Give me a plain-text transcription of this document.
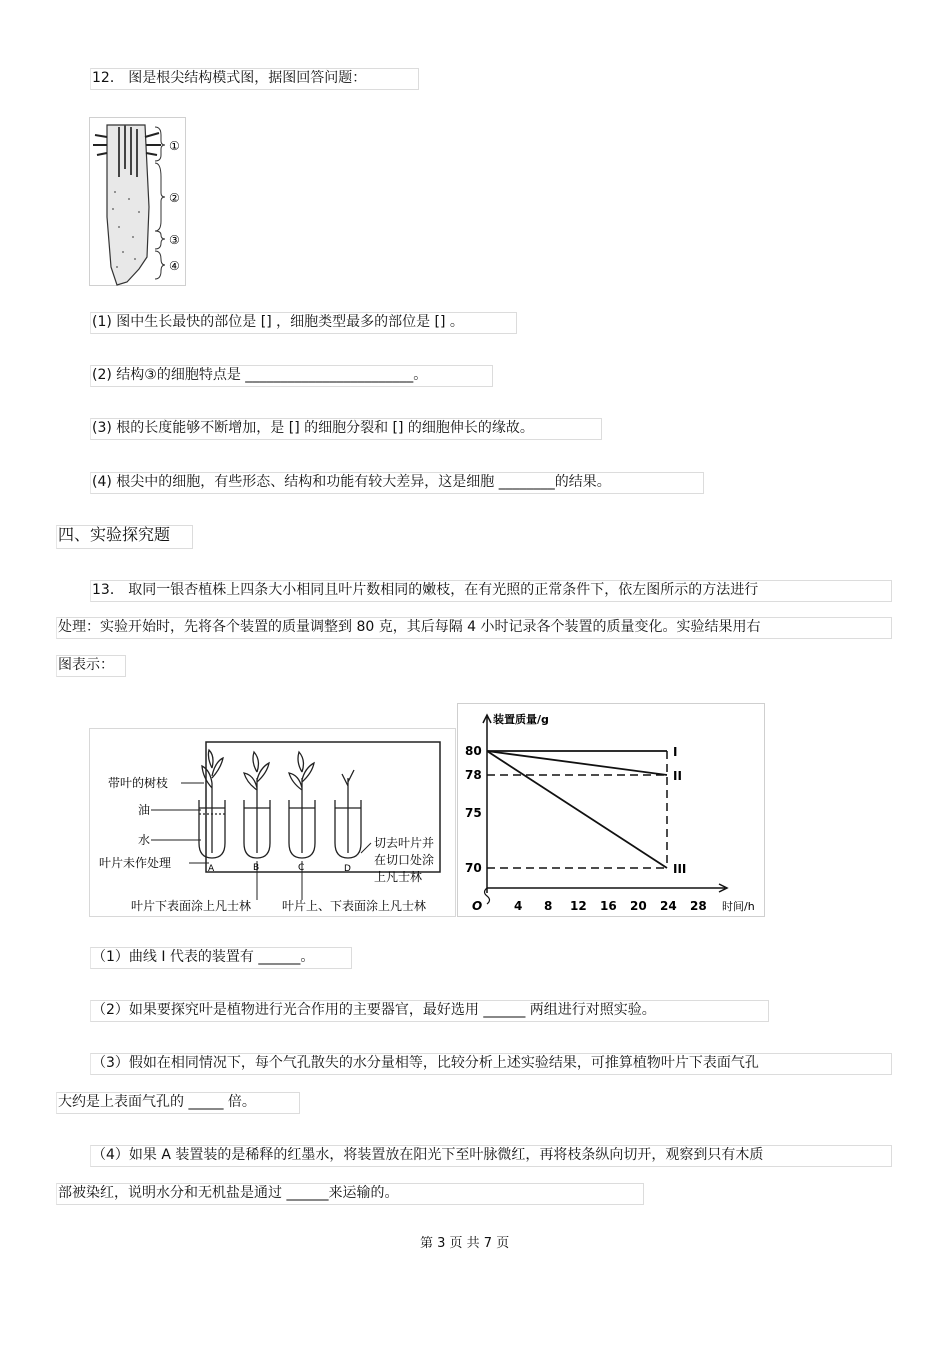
12． 图是根尖结构模式图，据图回答问题：
①
②
③
④
(1) 图中生长最快的部位是 [] ，细胞类型最多的部位是 [] 。
(2) 结构③的细胞特点是 ________________________。
(3) 根的长度能够不断增加，是 [] 的细胞分裂和 [] 的细胞伸长的缘故。
(4) 根尖中的细胞，有些形态、结构和功能有较大差异，这是细胞 ________的结果。
四、实验探究题
13． 取同一银杏植株上四条大小相同且叶片数相同的嫩枝，在有光照的正常条件下，依左图所示的方法进行
处理：实验开始时，先将各个装置的质量调整到 80 克，其后每隔 4 小时记录各个装置的质量变化。实验结果用右
图表示：
带叶的树枝
油
水
叶片未作处理	A	B	C	D
切去叶片并
在切口处涂
上凡士林
叶片下表面涂上凡士林	叶片上、下表面涂上凡士林
装置质量/g
O	时间/h
I
II
III
80
78
75
70
4 8 12 16 20 24 28
（1）曲线 I 代表的装置有 ______。
（2）如果要探究叶是植物进行光合作用的主要器官，最好选用 ______ 两组进行对照实验。
（3）假如在相同情况下，每个气孔散失的水分量相等，比较分析上述实验结果，可推算植物叶片下表面气孔
大约是上表面气孔的 _____ 倍。
（4）如果 A 装置装的是稀释的红墨水，将装置放在阳光下至叶脉微红，再将枝条纵向切开，观察到只有木质
部被染红，说明水分和无机盐是通过 ______来运输的。
第 3 页 共 7 页
